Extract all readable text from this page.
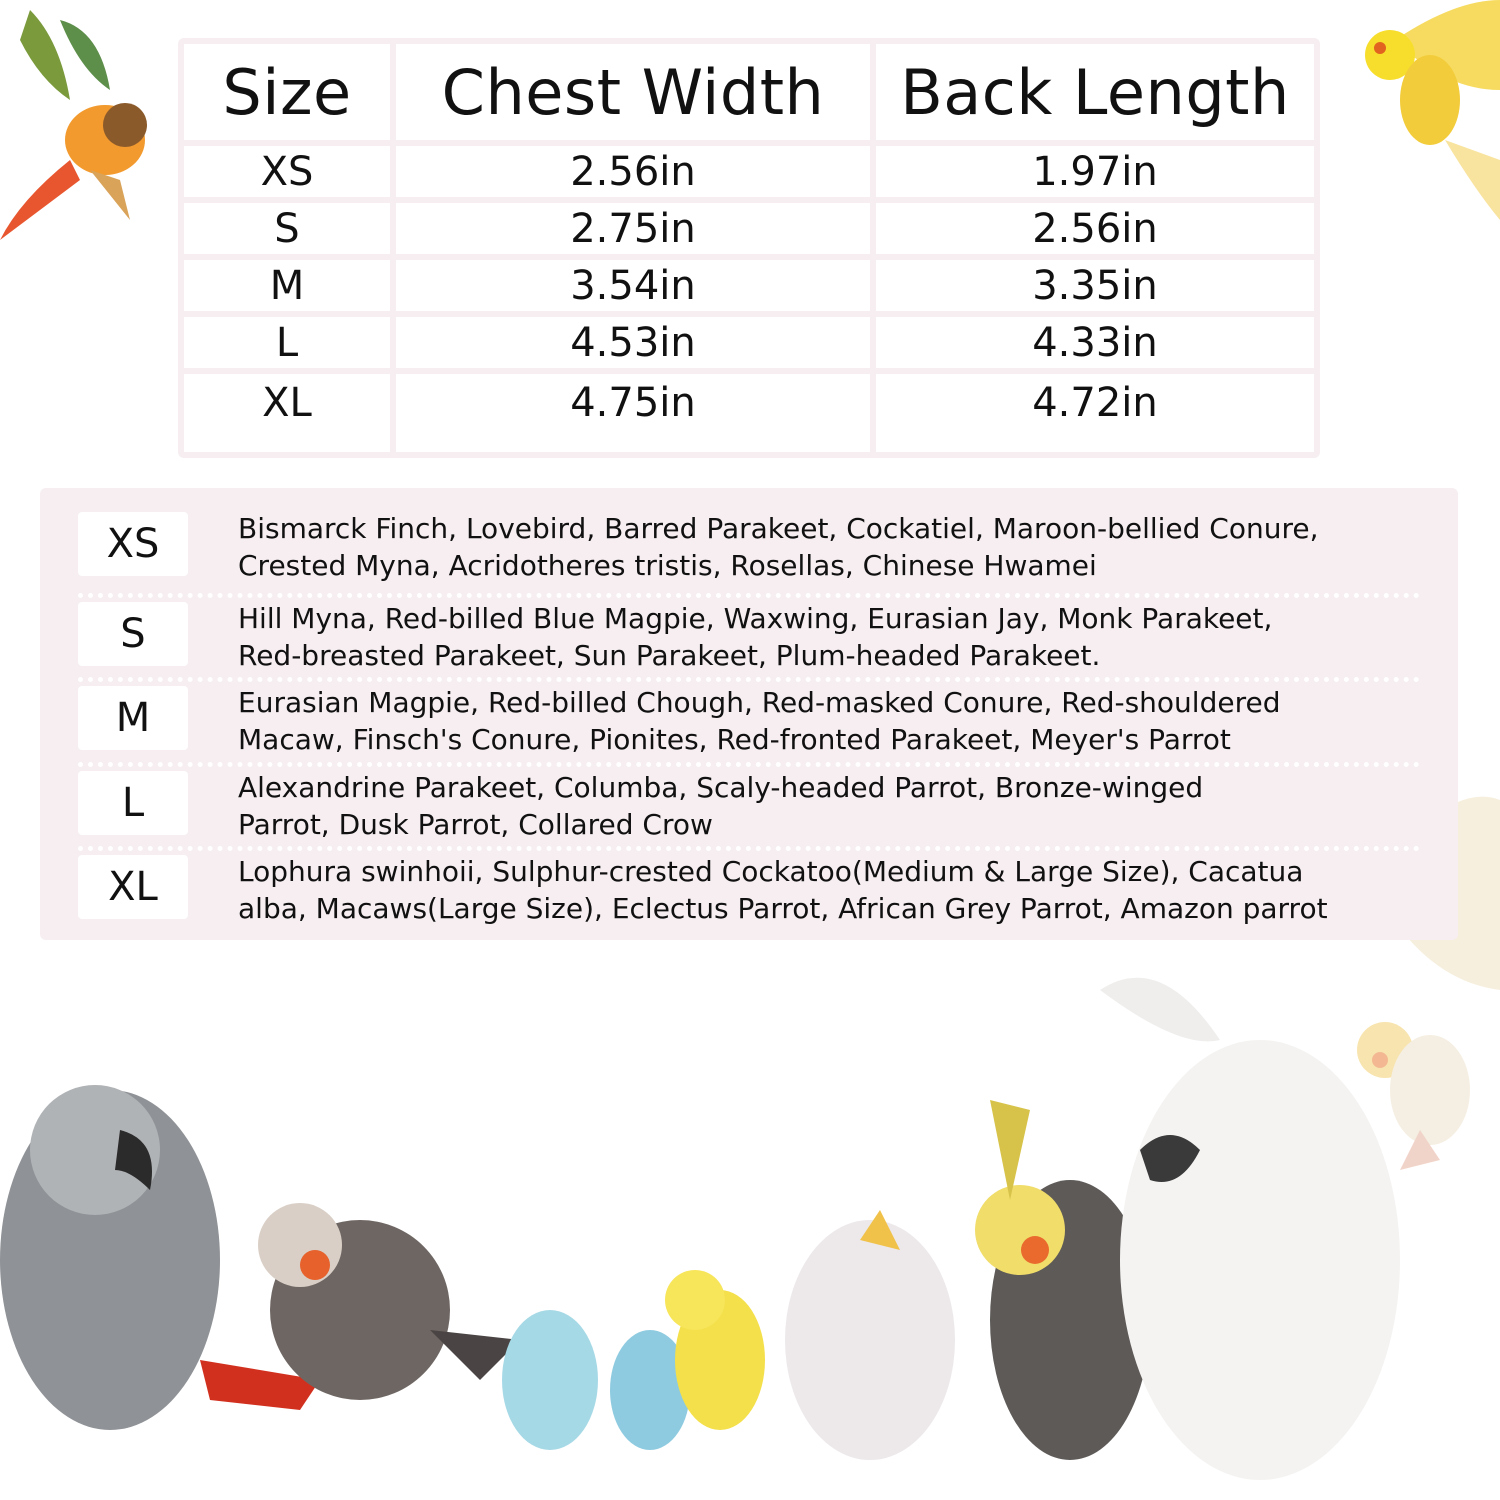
Size	Chest Width	Back Length
XS	2.56in	1.97in
S	2.75in	2.56in
M	3.54in	3.35in
L	4.53in	4.33in
XL	4.75in	4.72in
XS	Bismarck Finch, Lovebird, Barred Parakeet, Cockatiel, Maroon-bellied Conure,
Crested Myna, Acridotheres tristis, Rosellas, Chinese Hwamei
S	Hill Myna, Red-billed Blue Magpie, Waxwing, Eurasian Jay, Monk Parakeet,
Red-breasted Parakeet, Sun Parakeet, Plum-headed Parakeet.
M	Eurasian Magpie, Red-billed Chough, Red-masked Conure, Red-shouldered
Macaw, Finsch's Conure, Pionites, Red-fronted Parakeet, Meyer's Parrot
L	Alexandrine Parakeet, Columba, Scaly-headed Parrot, Bronze-winged
Parrot, Dusk Parrot, Collared Crow
XL	Lophura swinhoii, Sulphur-crested Cockatoo(Medium & Large Size), Cacatua
alba, Macaws(Large Size), Eclectus Parrot, African Grey Parrot, Amazon parrot
